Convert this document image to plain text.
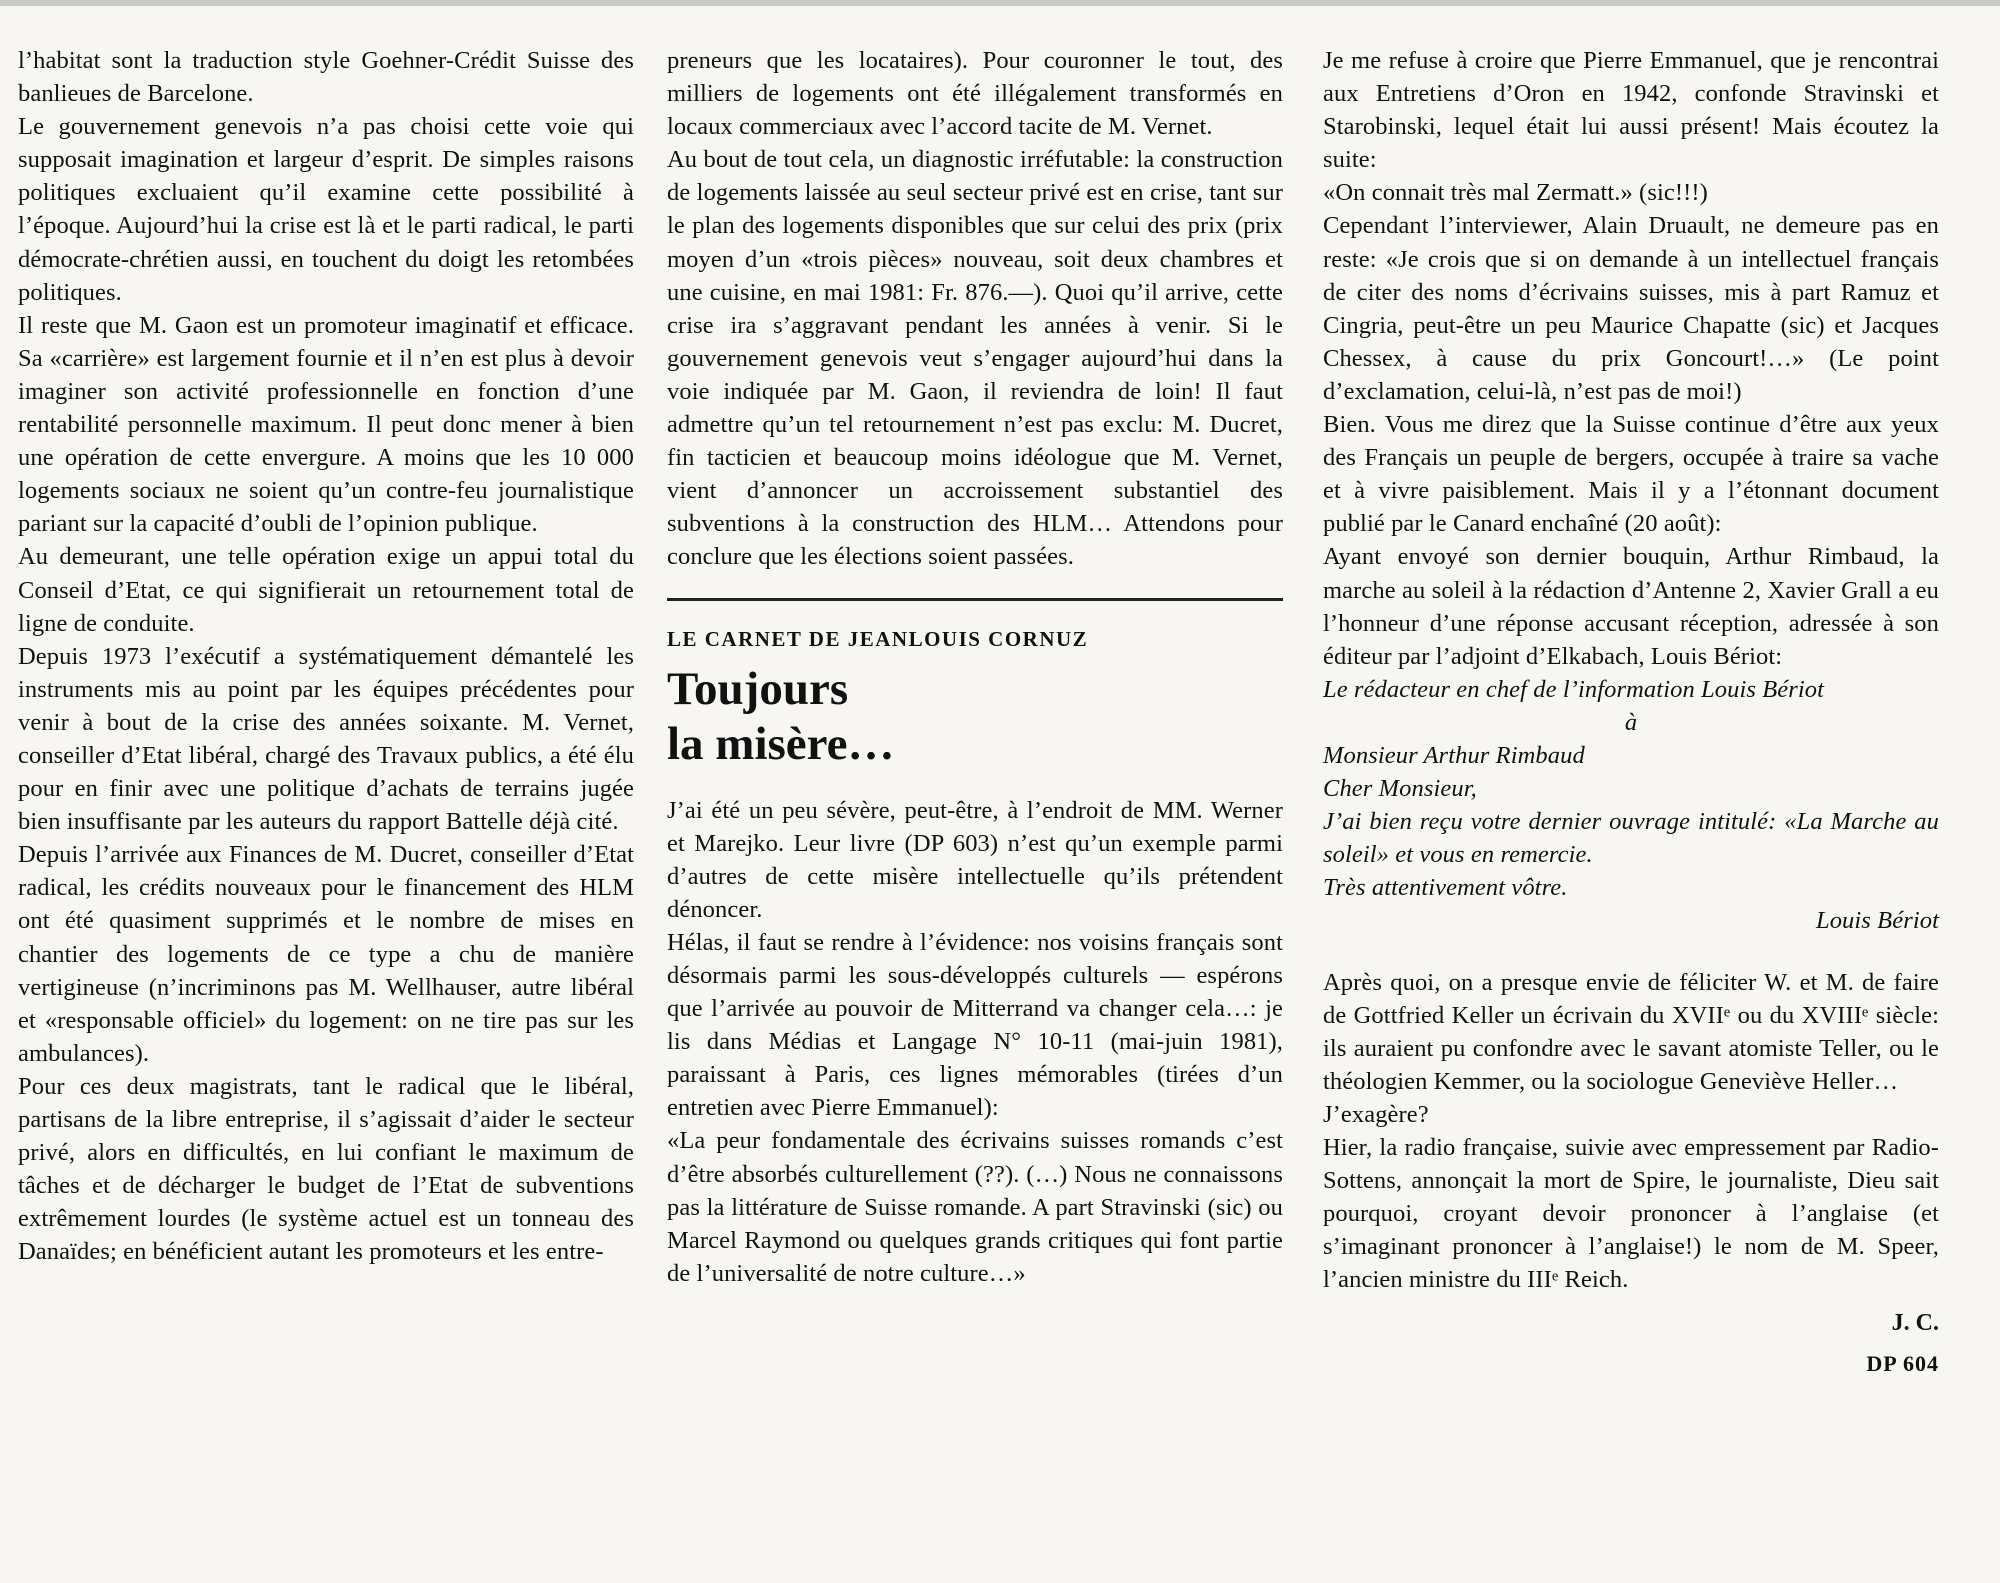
l’habitat sont la traduction style Goehner-Crédit Suisse des banlieues de Barcelone.

Le gouvernement genevois n’a pas choisi cette voie qui supposait imagination et largeur d’esprit. De simples raisons politiques excluaient qu’il examine cette possibilité à l’époque. Aujourd’hui la crise est là et le parti radical, le parti démocrate-chrétien aussi, en touchent du doigt les retombées politiques.

Il reste que M. Gaon est un promoteur imaginatif et efficace. Sa «carrière» est largement fournie et il n’en est plus à devoir imaginer son activité professionnelle en fonction d’une rentabilité personnelle maximum. Il peut donc mener à bien une opération de cette envergure. A moins que les 10 000 logements sociaux ne soient qu’un contre-feu journalistique pariant sur la capacité d’oubli de l’opinion publique.

Au demeurant, une telle opération exige un appui total du Conseil d’Etat, ce qui signifierait un retournement total de ligne de conduite.

Depuis 1973 l’exécutif a systématiquement démantelé les instruments mis au point par les équipes précédentes pour venir à bout de la crise des années soixante. M. Vernet, conseiller d’Etat libéral, chargé des Travaux publics, a été élu pour en finir avec une politique d’achats de terrains jugée bien insuffisante par les auteurs du rapport Battelle déjà cité.

Depuis l’arrivée aux Finances de M. Ducret, conseiller d’Etat radical, les crédits nouveaux pour le financement des HLM ont été quasiment supprimés et le nombre de mises en chantier des logements de ce type a chu de manière vertigineuse (n’incriminons pas M. Wellhauser, autre libéral et «responsable officiel» du logement: on ne tire pas sur les ambulances).

Pour ces deux magistrats, tant le radical que le libéral, partisans de la libre entreprise, il s’agissait d’aider le secteur privé, alors en difficultés, en lui confiant le maximum de tâches et de décharger le budget de l’Etat de subventions extrêmement lourdes (le système actuel est un tonneau des Danaïdes; en bénéficient autant les promoteurs et les entre-

preneurs que les locataires). Pour couronner le tout, des milliers de logements ont été illégalement transformés en locaux commerciaux avec l’accord tacite de M. Vernet.

Au bout de tout cela, un diagnostic irréfutable: la construction de logements laissée au seul secteur privé est en crise, tant sur le plan des logements disponibles que sur celui des prix (prix moyen d’un «trois pièces» nouveau, soit deux chambres et une cuisine, en mai 1981: Fr. 876.—). Quoi qu’il arrive, cette crise ira s’aggravant pendant les années à venir. Si le gouvernement genevois veut s’engager aujourd’hui dans la voie indiquée par M. Gaon, il reviendra de loin! Il faut admettre qu’un tel retournement n’est pas exclu: M. Ducret, fin tacticien et beaucoup moins idéologue que M. Vernet, vient d’annoncer un accroissement substantiel des subventions à la construction des HLM… Attendons pour conclure que les élections soient passées.

LE CARNET DE JEANLOUIS CORNUZ
Toujours
la misère…

J’ai été un peu sévère, peut-être, à l’endroit de MM. Werner et Marejko. Leur livre (DP 603) n’est qu’un exemple parmi d’autres de cette misère intellectuelle qu’ils prétendent dénoncer.

Hélas, il faut se rendre à l’évidence: nos voisins français sont désormais parmi les sous-développés culturels — espérons que l’arrivée au pouvoir de Mitterrand va changer cela…: je lis dans Médias et Langage N° 10-11 (mai-juin 1981), paraissant à Paris, ces lignes mémorables (tirées d’un entretien avec Pierre Emmanuel):

«La peur fondamentale des écrivains suisses romands c’est d’être absorbés culturellement (??). (…) Nous ne connaissons pas la littérature de Suisse romande. A part Stravinski (sic) ou Marcel Raymond ou quelques grands critiques qui font partie de l’universalité de notre culture…»

Je me refuse à croire que Pierre Emmanuel, que je rencontrai aux Entretiens d’Oron en 1942, confonde Stravinski et Starobinski, lequel était lui aussi présent! Mais écoutez la suite:

«On connait très mal Zermatt.» (sic!!!)

Cependant l’interviewer, Alain Druault, ne demeure pas en reste: «Je crois que si on demande à un intellectuel français de citer des noms d’écrivains suisses, mis à part Ramuz et Cingria, peut-être un peu Maurice Chapatte (sic) et Jacques Chessex, à cause du prix Goncourt!…» (Le point d’exclamation, celui-là, n’est pas de moi!)

Bien. Vous me direz que la Suisse continue d’être aux yeux des Français un peuple de bergers, occupée à traire sa vache et à vivre paisiblement. Mais il y a l’étonnant document publié par le Canard enchaîné (20 août):

Ayant envoyé son dernier bouquin, Arthur Rimbaud, la marche au soleil à la rédaction d’Antenne 2, Xavier Grall a eu l’honneur d’une réponse accusant réception, adressée à son éditeur par l’adjoint d’Elkabach, Louis Bériot:

Le rédacteur en chef de l’information Louis Bériot

à

Monsieur Arthur Rimbaud

Cher Monsieur,

J’ai bien reçu votre dernier ouvrage intitulé: «La Marche au soleil» et vous en remercie.

Très attentivement vôtre.

Louis Bériot

Après quoi, on a presque envie de féliciter W. et M. de faire de Gottfried Keller un écrivain du XVIIᵉ ou du XVIIIᵉ siècle: ils auraient pu confondre avec le savant atomiste Teller, ou le théologien Kemmer, ou la sociologue Geneviève Heller…

J’exagère?

Hier, la radio française, suivie avec empressement par Radio-Sottens, annonçait la mort de Spire, le journaliste, Dieu sait pourquoi, croyant devoir prononcer à l’anglaise (et s’imaginant prononcer à l’anglaise!) le nom de M. Speer, l’ancien ministre du IIIᵉ Reich.

J. C.
DP 604
